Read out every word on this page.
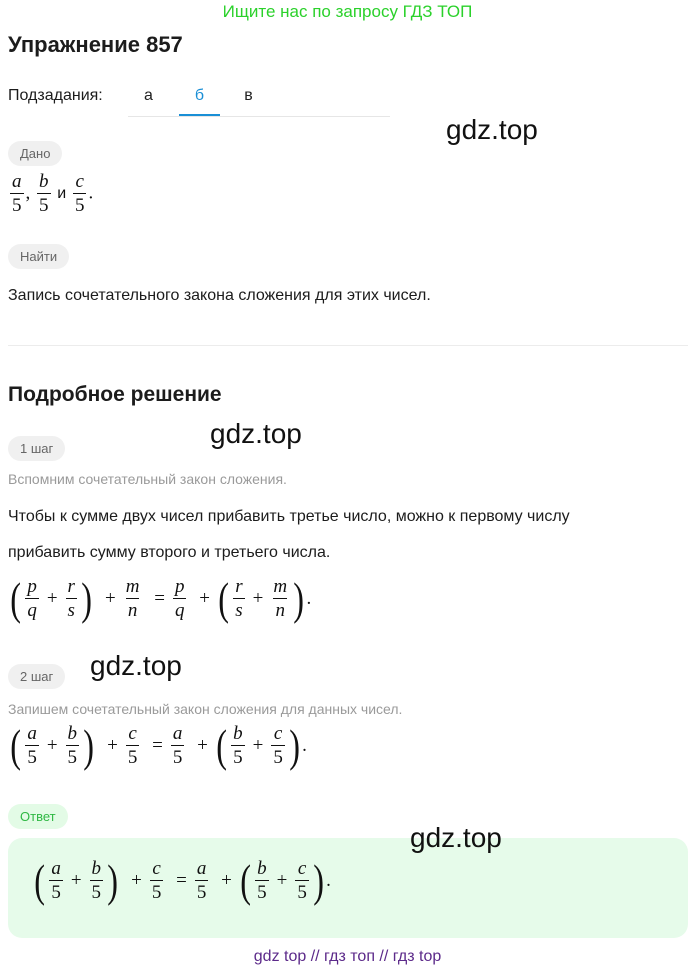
Ищите нас по запросу ГДЗ ТОП
Упражнение 857
Подзадания:	а	б	в
gdz.top
Дано
$\frac{a}{5}$ , $\frac{b}{5}$ и $\frac{c}{5}$ .
Найти
Запись сочетательного закона сложения для этих чисел.
Подробное решение
gdz.top
1 шаг
Вспомним сочетательный закон сложения.
Чтобы к сумме двух чисел прибавить третье число, можно к первому числу
прибавить сумму второго и третьего числа.
( $\frac{p}{q} + \frac{r}{s}$ ) + $\frac{m}{n} = \frac{p}{q}$ + ( $\frac{r}{s} + \frac{m}{n}$ ) .
gdz.top
2 шаг
Запишем сочетательный закон сложения для данных чисел.
( $\frac{a}{5} + \frac{b}{5}$ ) + $\frac{c}{5} = \frac{a}{5}$ + ( $\frac{b}{5} + \frac{c}{5}$ ) .
Ответ
gdz.top
( $\frac{a}{5} + \frac{b}{5}$ ) + $\frac{c}{5} = \frac{a}{5}$ + ( $\frac{b}{5} + \frac{c}{5}$ ) .
gdz top // гдз топ // гдз top
